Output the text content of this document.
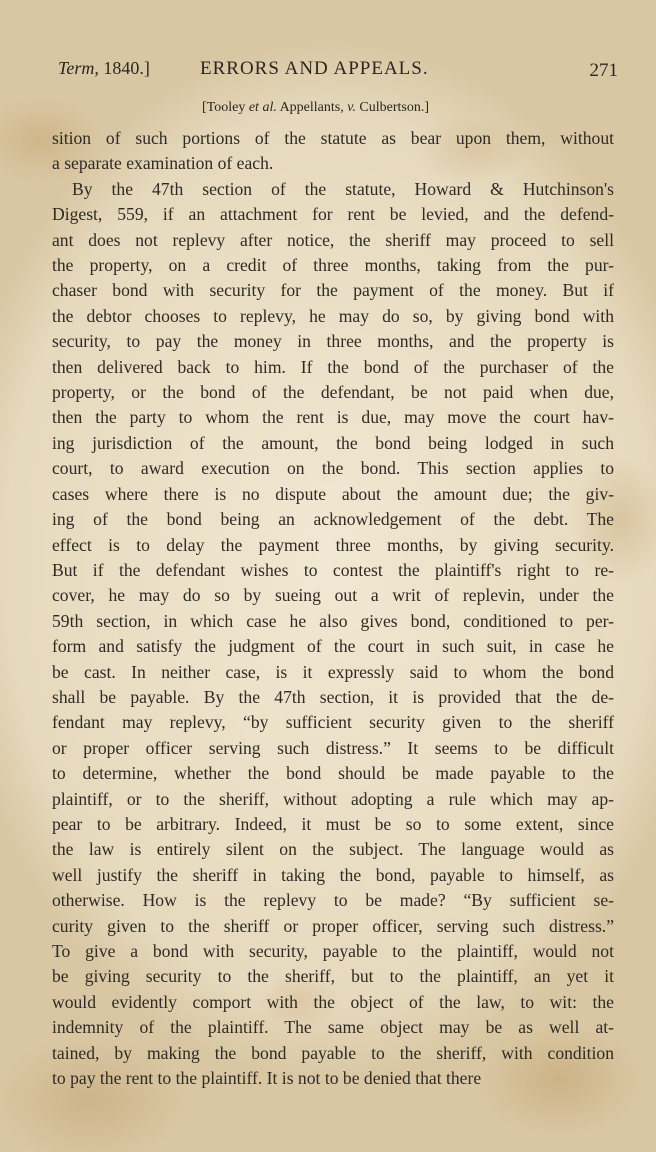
Term, 1840.]	ERRORS AND APPEALS.	271
[Tooley et al. Appellants, v. Culbertson.]
sition of such portions of the statute as bear upon them, without
a separate examination of each.
By the 47th section of the statute, Howard & Hutchinson's
Digest, 559, if an attachment for rent be levied, and the defend-
ant does not replevy after notice, the sheriff may proceed to sell
the property, on a credit of three months, taking from the pur-
chaser bond with security for the payment of the money. But if
the debtor chooses to replevy, he may do so, by giving bond with
security, to pay the money in three months, and the property is
then delivered back to him. If the bond of the purchaser of the
property, or the bond of the defendant, be not paid when due,
then the party to whom the rent is due, may move the court hav-
ing jurisdiction of the amount, the bond being lodged in such
court, to award execution on the bond. This section applies to
cases where there is no dispute about the amount due; the giv-
ing of the bond being an acknowledgement of the debt. The
effect is to delay the payment three months, by giving security.
But if the defendant wishes to contest the plaintiff's right to re-
cover, he may do so by sueing out a writ of replevin, under the
59th section, in which case he also gives bond, conditioned to per-
form and satisfy the judgment of the court in such suit, in case he
be cast. In neither case, is it expressly said to whom the bond
shall be payable. By the 47th section, it is provided that the de-
fendant may replevy, “by sufficient security given to the sheriff
or proper officer serving such distress.” It seems to be difficult
to determine, whether the bond should be made payable to the
plaintiff, or to the sheriff, without adopting a rule which may ap-
pear to be arbitrary. Indeed, it must be so to some extent, since
the law is entirely silent on the subject. The language would as
well justify the sheriff in taking the bond, payable to himself, as
otherwise. How is the replevy to be made? “By sufficient se-
curity given to the sheriff or proper officer, serving such distress.”
To give a bond with security, payable to the plaintiff, would not
be giving security to the sheriff, but to the plaintiff, an yet it
would evidently comport with the object of the law, to wit: the
indemnity of the plaintiff. The same object may be as well at-
tained, by making the bond payable to the sheriff, with condition
to pay the rent to the plaintiff. It is not to be denied that there
